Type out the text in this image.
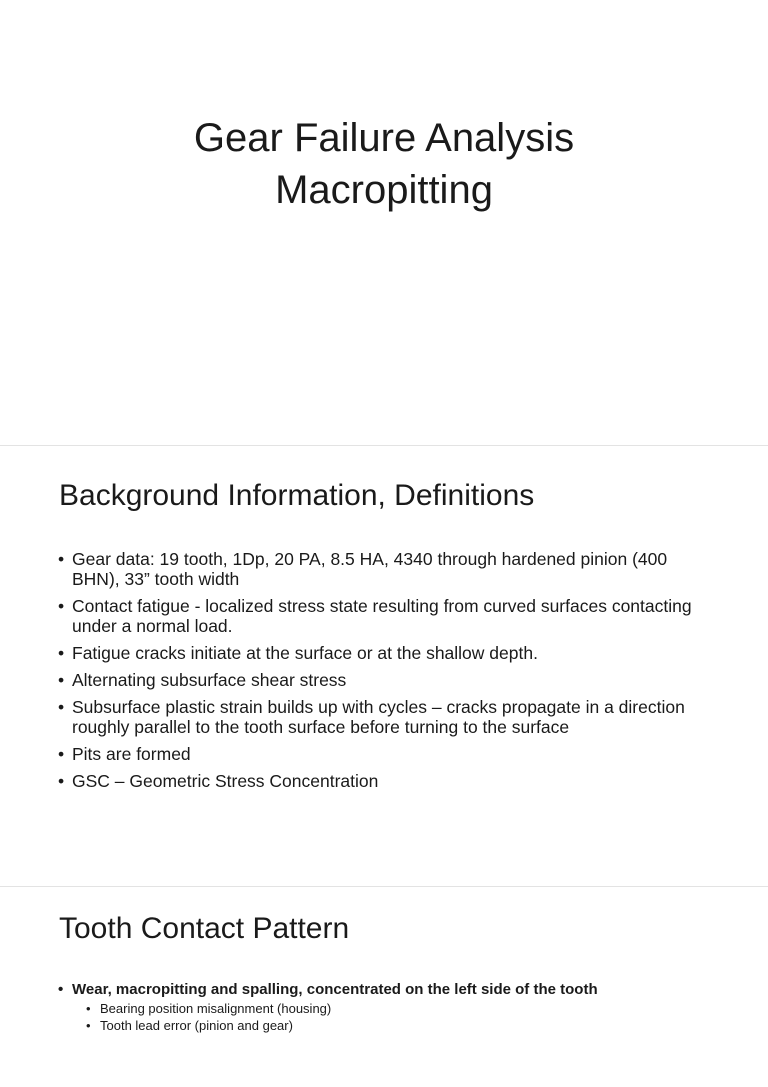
Gear Failure Analysis
Macropitting
Background Information, Definitions
• Gear data: 19 tooth, 1Dp, 20 PA, 8.5 HA, 4340 through hardened pinion (400 BHN), 33” tooth width
• Contact fatigue - localized stress state resulting from curved surfaces contacting under a normal load.
• Fatigue cracks initiate at the surface or at the shallow depth.
• Alternating subsurface shear stress
• Subsurface plastic strain builds up with cycles – cracks propagate in a direction roughly parallel to the tooth surface before turning to the surface
• Pits are formed
• GSC – Geometric Stress Concentration
Tooth Contact Pattern
• Wear, macropitting and spalling, concentrated on the left side of the tooth
• Bearing position misalignment (housing)
• Tooth lead error (pinion and gear)
